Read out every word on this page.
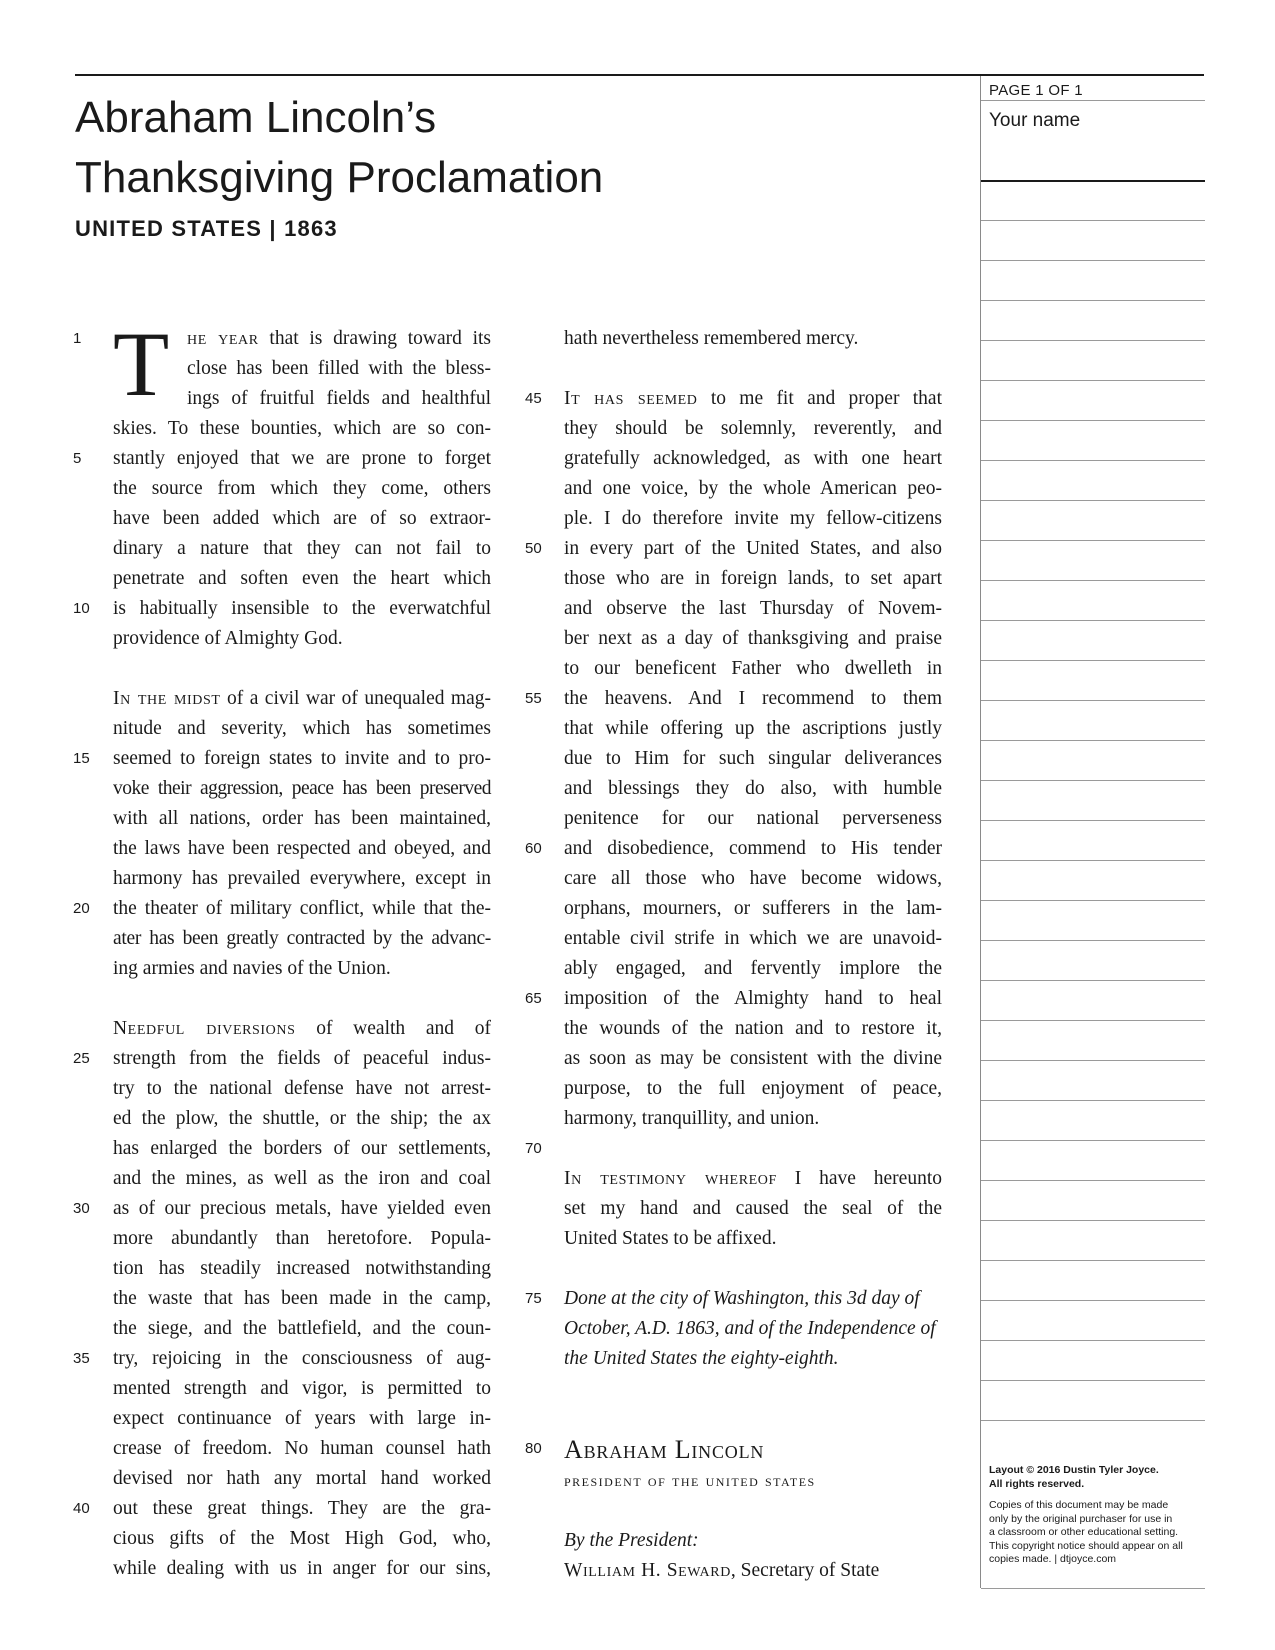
Abraham Lincoln’s
Thanksgiving Proclamation
UNITED STATES | 1863
PAGE 1 OF 1
Your name
Layout © 2016 Dustin Tyler Joyce.
All rights reserved.
Copies of this document may be made
only by the original purchaser for use in
a classroom or other educational setting.
This copyright notice should appear on all
copies made. | dtjoyce.com
1
5
10
15
20
25
30
35
40
45
50
55
60
65
70
75
80
T he year that is drawing toward its
close has been filled with the bless-
ings of fruitful fields and healthful
skies. To these bounties, which are so con-
stantly enjoyed that we are prone to forget
the source from which they come, others
have been added which are of so extraor-
dinary a nature that they can not fail to
penetrate and soften even the heart which
is habitually insensible to the everwatchful
providence of Almighty God.
In the midst of a civil war of unequaled mag-
nitude and severity, which has sometimes
seemed to foreign states to invite and to pro-
voke their aggression, peace has been preserved
with all nations, order has been maintained,
the laws have been respected and obeyed, and
harmony has prevailed everywhere, except in
the theater of military conflict, while that the-
ater has been greatly contracted by the advanc-
ing armies and navies of the Union.
Needful diversions of wealth and of
strength from the fields of peaceful indus-
try to the national defense have not arrest-
ed the plow, the shuttle, or the ship; the ax
has enlarged the borders of our settlements,
and the mines, as well as the iron and coal
as of our precious metals, have yielded even
more abundantly than heretofore. Popula-
tion has steadily increased notwithstanding
the waste that has been made in the camp,
the siege, and the battlefield, and the coun-
try, rejoicing in the consciousness of aug-
mented strength and vigor, is permitted to
expect continuance of years with large in-
crease of freedom. No human counsel hath
devised nor hath any mortal hand worked
out these great things. They are the gra-
cious gifts of the Most High God, who,
while dealing with us in anger for our sins,
hath nevertheless remembered mercy.
It has seemed to me fit and proper that
they should be solemnly, reverently, and
gratefully acknowledged, as with one heart
and one voice, by the whole American peo-
ple. I do therefore invite my fellow-citizens
in every part of the United States, and also
those who are in foreign lands, to set apart
and observe the last Thursday of Novem-
ber next as a day of thanksgiving and praise
to our beneficent Father who dwelleth in
the heavens. And I recommend to them
that while offering up the ascriptions justly
due to Him for such singular deliverances
and blessings they do also, with humble
penitence for our national perverseness
and disobedience, commend to His tender
care all those who have become widows,
orphans, mourners, or sufferers in the lam-
entable civil strife in which we are unavoid-
ably engaged, and fervently implore the
imposition of the Almighty hand to heal
the wounds of the nation and to restore it,
as soon as may be consistent with the divine
purpose, to the full enjoyment of peace,
harmony, tranquillity, and union.
In testimony whereof I have hereunto
set my hand and caused the seal of the
United States to be affixed.
Done at the city of Washington, this 3d day of
October, A.D. 1863, and of the Independence of
the United States the eighty-eighth.
Abraham Lincoln
president of the united states
By the President:
William H. Seward, Secretary of State
